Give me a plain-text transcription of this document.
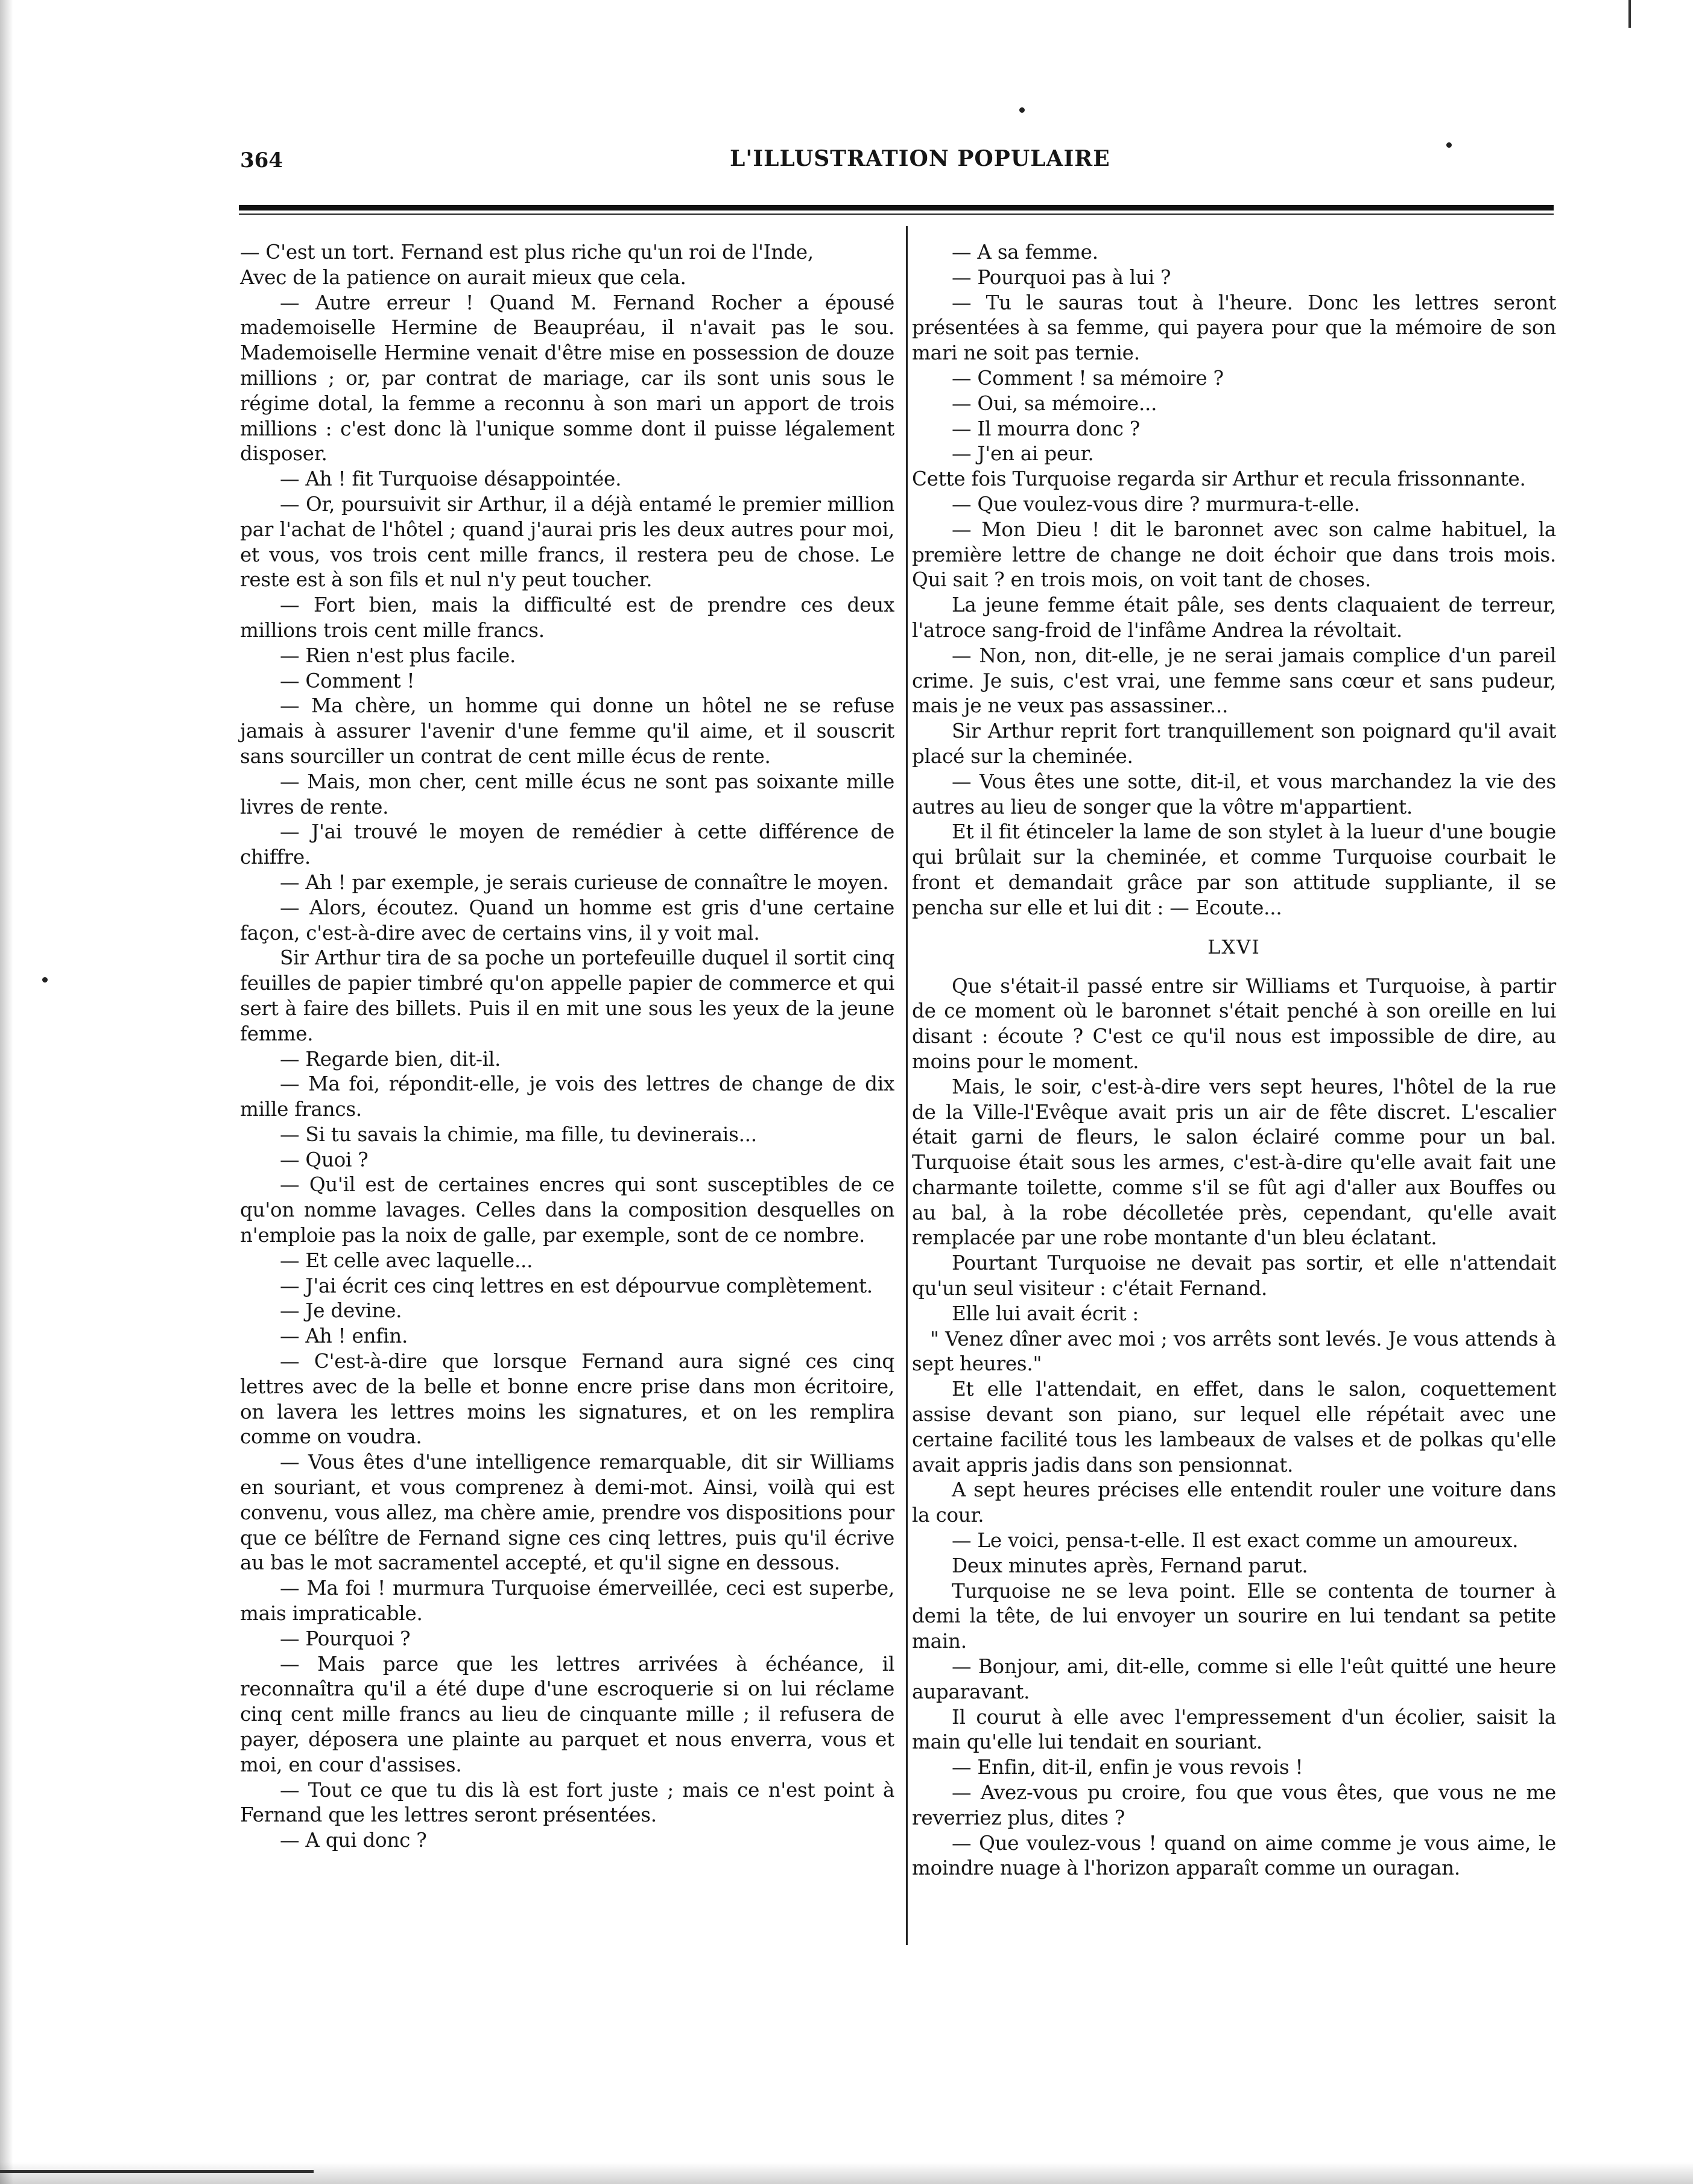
364	L'ILLUSTRATION POPULAIRE

— C'est un tort. Fernand est plus riche qu'un roi de l'Inde,

Avec de la patience on aurait mieux que cela.

— Autre erreur ! Quand M. Fernand Rocher a épousé mademoiselle Hermine de Beaupréau, il n'avait pas le sou. Mademoiselle Hermine venait d'être mise en possession de douze millions ; or, par contrat de mariage, car ils sont unis sous le régime dotal, la femme a reconnu à son mari un apport de trois millions : c'est donc là l'unique somme dont il puisse légalement disposer.

— Ah ! fit Turquoise désappointée.

— Or, poursuivit sir Arthur, il a déjà entamé le premier million par l'achat de l'hôtel ; quand j'aurai pris les deux autres pour moi, et vous, vos trois cent mille francs, il restera peu de chose. Le reste est à son fils et nul n'y peut toucher.

— Fort bien, mais la difficulté est de prendre ces deux millions trois cent mille francs.

— Rien n'est plus facile.

— Comment !

— Ma chère, un homme qui donne un hôtel ne se refuse jamais à assurer l'avenir d'une femme qu'il aime, et il souscrit sans sourciller un contrat de cent mille écus de rente.

— Mais, mon cher, cent mille écus ne sont pas soixante mille livres de rente.

— J'ai trouvé le moyen de remédier à cette différence de chiffre.

— Ah ! par exemple, je serais curieuse de connaître le moyen.

— Alors, écoutez. Quand un homme est gris d'une certaine façon, c'est-à-dire avec de certains vins, il y voit mal.

Sir Arthur tira de sa poche un portefeuille duquel il sortit cinq feuilles de papier timbré qu'on appelle papier de commerce et qui sert à faire des billets. Puis il en mit une sous les yeux de la jeune femme.

— Regarde bien, dit-il.

— Ma foi, répondit-elle, je vois des lettres de change de dix mille francs.

— Si tu savais la chimie, ma fille, tu devinerais...

— Quoi ?

— Qu'il est de certaines encres qui sont susceptibles de ce qu'on nomme lavages. Celles dans la composition desquelles on n'emploie pas la noix de galle, par exemple, sont de ce nombre.

— Et celle avec laquelle...

— J'ai écrit ces cinq lettres en est dépourvue complètement.

— Je devine.

— Ah ! enfin.

— C'est-à-dire que lorsque Fernand aura signé ces cinq lettres avec de la belle et bonne encre prise dans mon écritoire, on lavera les lettres moins les signatures, et on les remplira comme on voudra.

— Vous êtes d'une intelligence remarquable, dit sir Williams en souriant, et vous comprenez à demi-mot. Ainsi, voilà qui est convenu, vous allez, ma chère amie, prendre vos dispositions pour que ce bélître de Fernand signe ces cinq lettres, puis qu'il écrive au bas le mot sacramentel accepté, et qu'il signe en dessous.

— Ma foi ! murmura Turquoise émerveillée, ceci est superbe, mais impraticable.

— Pourquoi ?

— Mais parce que les lettres arrivées à échéance, il reconnaîtra qu'il a été dupe d'une escroquerie si on lui réclame cinq cent mille francs au lieu de cinquante mille ; il refusera de payer, déposera une plainte au parquet et nous enverra, vous et moi, en cour d'assises.

— Tout ce que tu dis là est fort juste ; mais ce n'est point à Fernand que les lettres seront présentées.

— A qui donc ?

— A sa femme.

— Pourquoi pas à lui ?

— Tu le sauras tout à l'heure. Donc les lettres seront présentées à sa femme, qui payera pour que la mémoire de son mari ne soit pas ternie.

— Comment ! sa mémoire ?

— Oui, sa mémoire...

— Il mourra donc ?

— J'en ai peur.

Cette fois Turquoise regarda sir Arthur et recula frissonnante.

— Que voulez-vous dire ? murmura-t-elle.

— Mon Dieu ! dit le baronnet avec son calme habituel, la première lettre de change ne doit échoir que dans trois mois. Qui sait ? en trois mois, on voit tant de choses.

La jeune femme était pâle, ses dents claquaient de terreur, l'atroce sang-froid de l'infâme Andrea la révoltait.

— Non, non, dit-elle, je ne serai jamais complice d'un pareil crime. Je suis, c'est vrai, une femme sans cœur et sans pudeur, mais je ne veux pas assassiner...

Sir Arthur reprit fort tranquillement son poignard qu'il avait placé sur la cheminée.

— Vous êtes une sotte, dit-il, et vous marchandez la vie des autres au lieu de songer que la vôtre m'appartient.

Et il fit étinceler la lame de son stylet à la lueur d'une bougie qui brûlait sur la cheminée, et comme Turquoise courbait le front et demandait grâce par son attitude suppliante, il se pencha sur elle et lui dit : — Ecoute...

LXVI

Que s'était-il passé entre sir Williams et Turquoise, à partir de ce moment où le baronnet s'était penché à son oreille en lui disant : écoute ? C'est ce qu'il nous est impossible de dire, au moins pour le moment.

Mais, le soir, c'est-à-dire vers sept heures, l'hôtel de la rue de la Ville-l'Evêque avait pris un air de fête discret. L'escalier était garni de fleurs, le salon éclairé comme pour un bal. Turquoise était sous les armes, c'est-à-dire qu'elle avait fait une charmante toilette, comme s'il se fût agi d'aller aux Bouffes ou au bal, à la robe décolletée près, cependant, qu'elle avait remplacée par une robe montante d'un bleu éclatant.

Pourtant Turquoise ne devait pas sortir, et elle n'attendait qu'un seul visiteur : c'était Fernand.

Elle lui avait écrit :

" Venez dîner avec moi ; vos arrêts sont levés. Je vous attends à sept heures."

Et elle l'attendait, en effet, dans le salon, coquettement assise devant son piano, sur lequel elle répétait avec une certaine facilité tous les lambeaux de valses et de polkas qu'elle avait appris jadis dans son pensionnat.

A sept heures précises elle entendit rouler une voiture dans la cour.

— Le voici, pensa-t-elle. Il est exact comme un amoureux.

Deux minutes après, Fernand parut.

Turquoise ne se leva point. Elle se contenta de tourner à demi la tête, de lui envoyer un sourire en lui tendant sa petite main.

— Bonjour, ami, dit-elle, comme si elle l'eût quitté une heure auparavant.

Il courut à elle avec l'empressement d'un écolier, saisit la main qu'elle lui tendait en souriant.

— Enfin, dit-il, enfin je vous revois !

— Avez-vous pu croire, fou que vous êtes, que vous ne me reverriez plus, dites ?

— Que voulez-vous ! quand on aime comme je vous aime, le moindre nuage à l'horizon apparaît comme un ouragan.
